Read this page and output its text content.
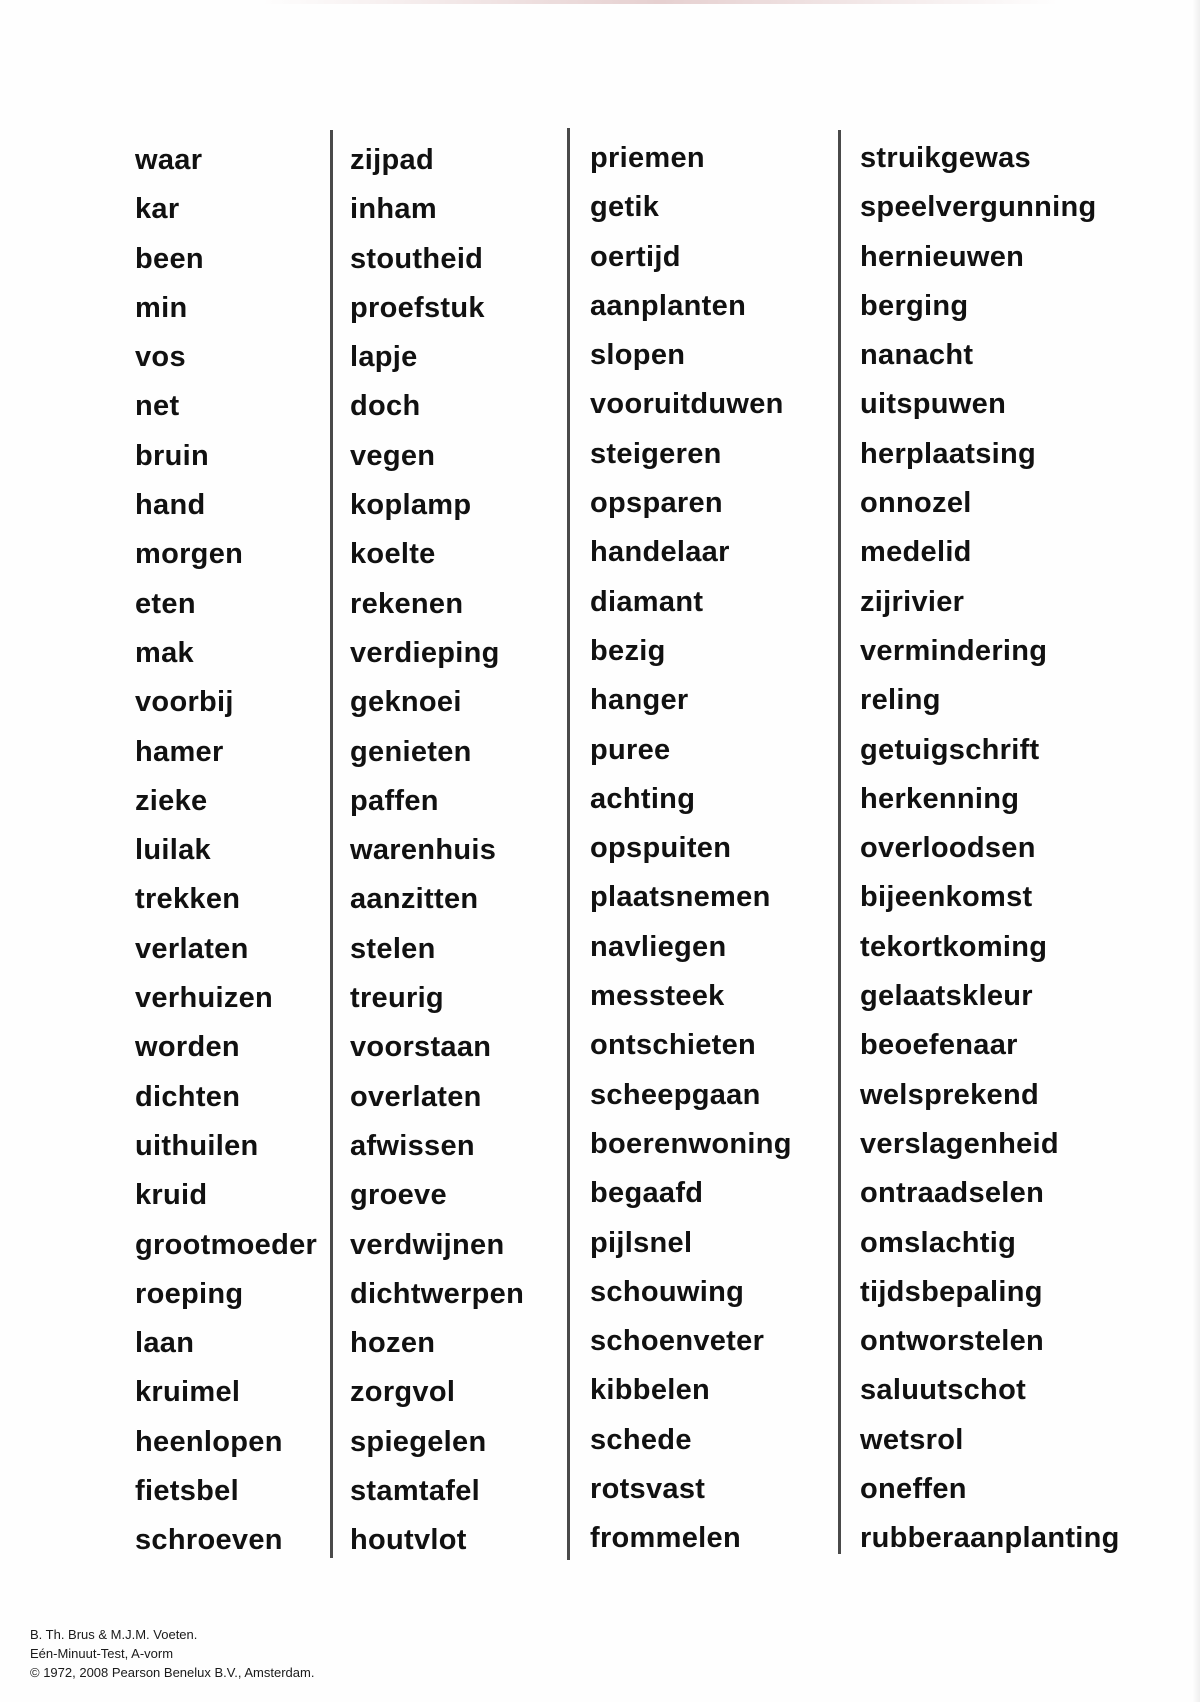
waar
kar
been
min
vos
net
bruin
hand
morgen
eten
mak
voorbij
hamer
zieke
luilak
trekken
verlaten
verhuizen
worden
dichten
uithuilen
kruid
grootmoeder
roeping
laan
kruimel
heenlopen
fietsbel
schroeven
zijpad
inham
stoutheid
proefstuk
lapje
doch
vegen
koplamp
koelte
rekenen
verdieping
geknoei
genieten
paffen
warenhuis
aanzitten
stelen
treurig
voorstaan
overlaten
afwissen
groeve
verdwijnen
dichtwerpen
hozen
zorgvol
spiegelen
stamtafel
houtvlot
priemen
getik
oertijd
aanplanten
slopen
vooruitduwen
steigeren
opsparen
handelaar
diamant
bezig
hanger
puree
achting
opspuiten
plaatsnemen
navliegen
messteek
ontschieten
scheepgaan
boerenwoning
begaafd
pijlsnel
schouwing
schoenveter
kibbelen
schede
rotsvast
frommelen
struikgewas
speelvergunning
hernieuwen
berging
nanacht
uitspuwen
herplaatsing
onnozel
medelid
zijrivier
vermindering
reling
getuigschrift
herkenning
overloodsen
bijeenkomst
tekortkoming
gelaatskleur
beoefenaar
welsprekend
verslagenheid
ontraadselen
omslachtig
tijdsbepaling
ontworstelen
saluutschot
wetsrol
oneffen
rubberaanplanting
B. Th. Brus & M.J.M. Voeten.
Eén-Minuut-Test, A-vorm
© 1972, 2008 Pearson Benelux B.V., Amsterdam.
